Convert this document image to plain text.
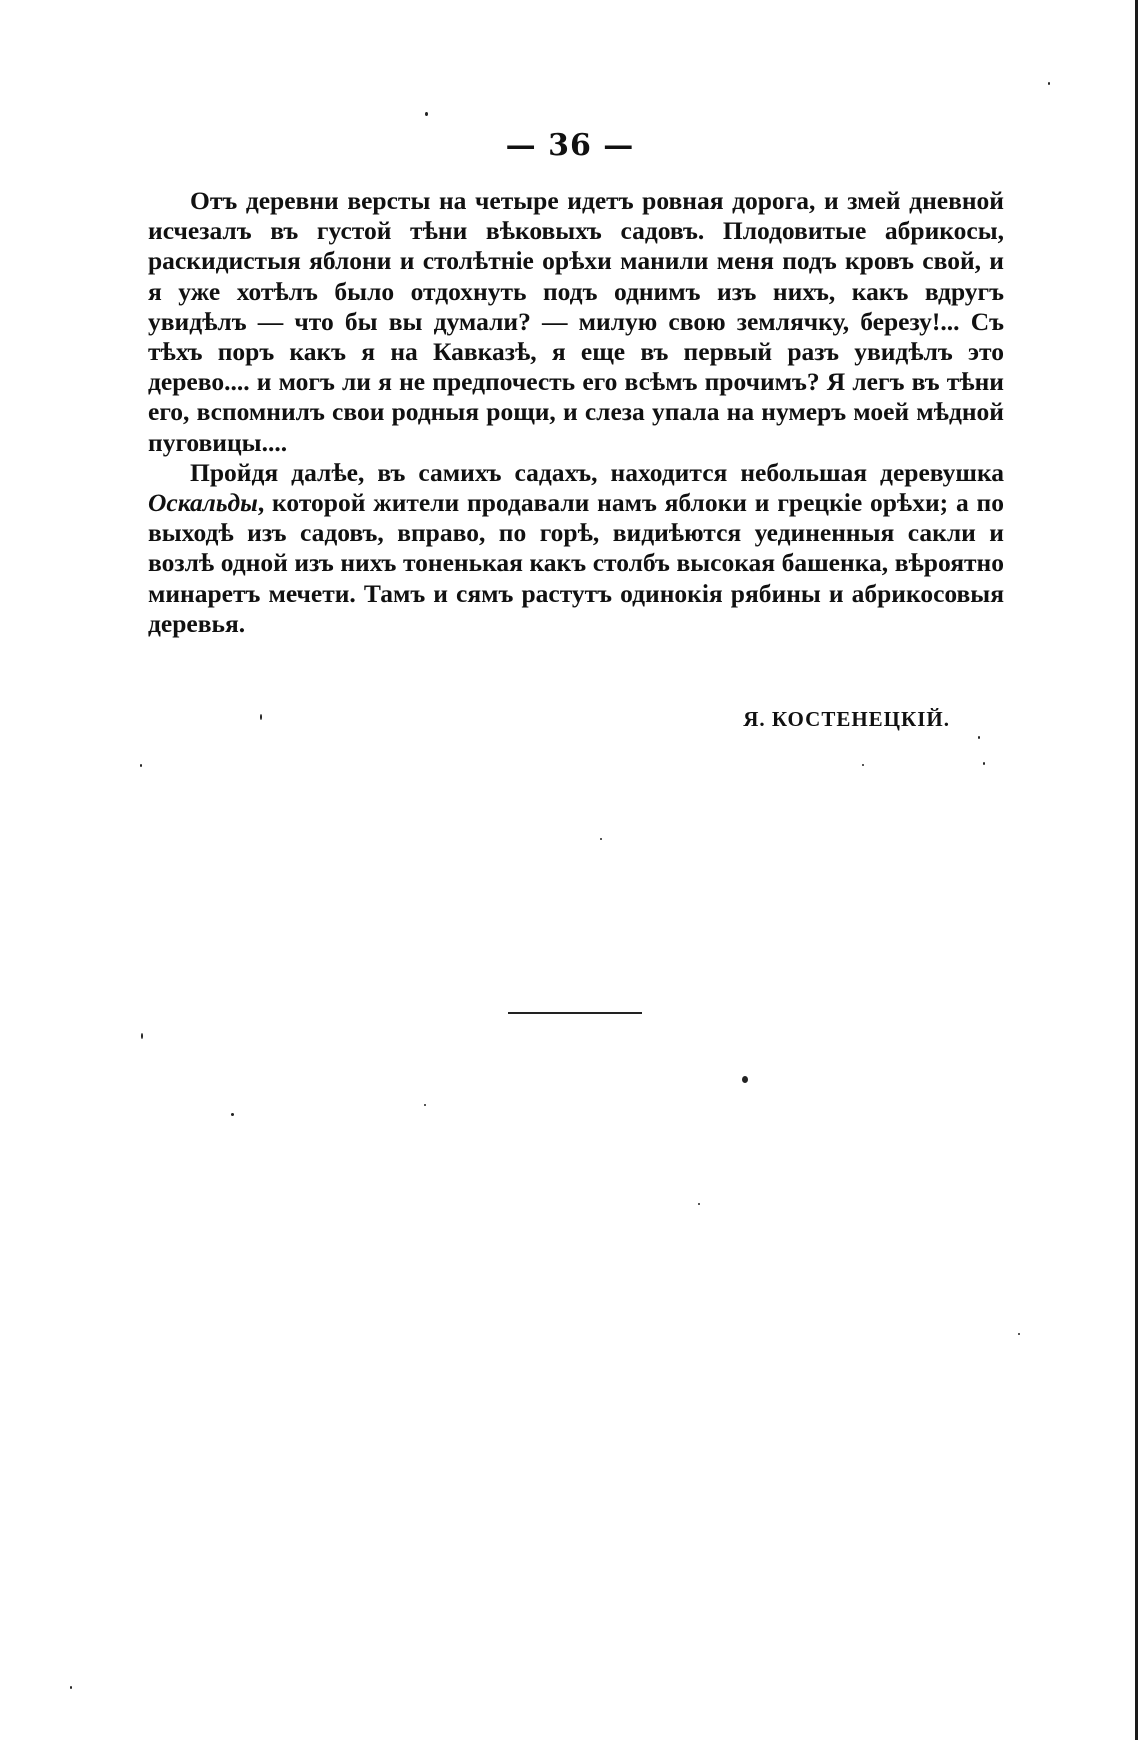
— 36 —

Отъ деревни версты на четыре идетъ ровная дорога, и змей дневной исчезалъ въ густой тѣни вѣковыхъ садовъ. Плодовитые абрикосы, раскидистыя яблони и столѣтніе орѣхи манили меня подъ кровъ свой, и я уже хотѣлъ было отдохнуть подъ однимъ изъ нихъ, какъ вдругъ увидѣлъ — что бы вы думали? — милую свою землячку, березу!... Съ тѣхъ поръ какъ я на Кавказѣ, я еще въ первый разъ увидѣлъ это дерево.... и могъ ли я не предпочесть его всѣмъ прочимъ? Я легъ въ тѣни его, вспомнилъ свои родныя рощи, и слеза упала на нумеръ моей мѣдной пуговицы....

Пройдя далѣе, въ самихъ садахъ, находится небольшая деревушка Оскальды, которой жители продавали намъ яблоки и грецкіе орѣхи; а по выходѣ изъ садовъ, вправо, по горѣ, видиѣются уединенныя сакли и возлѣ одной изъ нихъ тоненькая какъ столбъ высокая башенка, вѣроятно минаретъ мечети. Тамъ и сямъ растутъ одинокія рябины и абрикосовыя деревья.

Я. КОСТЕНЕЦКІЙ.
